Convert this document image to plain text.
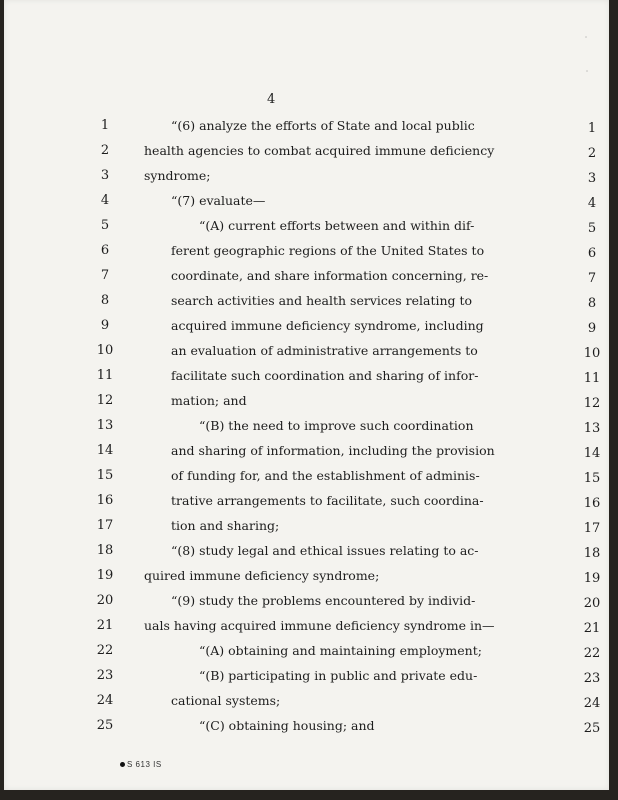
4
˙
˙
1	“(6) analyze the efforts of State and local public	1
2	health agencies to combat acquired immune deficiency	2
3	syndrome;	3
4	“(7) evaluate—	4
5	“(A) current efforts between and within dif-	5
6	ferent geographic regions of the United States to	6
7	coordinate, and share information concerning, re-	7
8	search activities and health services relating to	8
9	acquired immune deficiency syndrome, including	9
10	an evaluation of administrative arrangements to	10
11	facilitate such coordination and sharing of infor-	11
12	mation; and	12
13	“(B) the need to improve such coordination	13
14	and sharing of information, including the provision	14
15	of funding for, and the establishment of adminis-	15
16	trative arrangements to facilitate, such coordina-	16
17	tion and sharing;	17
18	“(8) study legal and ethical issues relating to ac-	18
19	quired immune deficiency syndrome;	19
20	“(9) study the problems encountered by individ-	20
21	uals having acquired immune deficiency syndrome in—	21
22	“(A) obtaining and maintaining employment;	22
23	“(B) participating in public and private edu-	23
24	cational systems;	24
25	“(C) obtaining housing; and	25
S 613 IS
